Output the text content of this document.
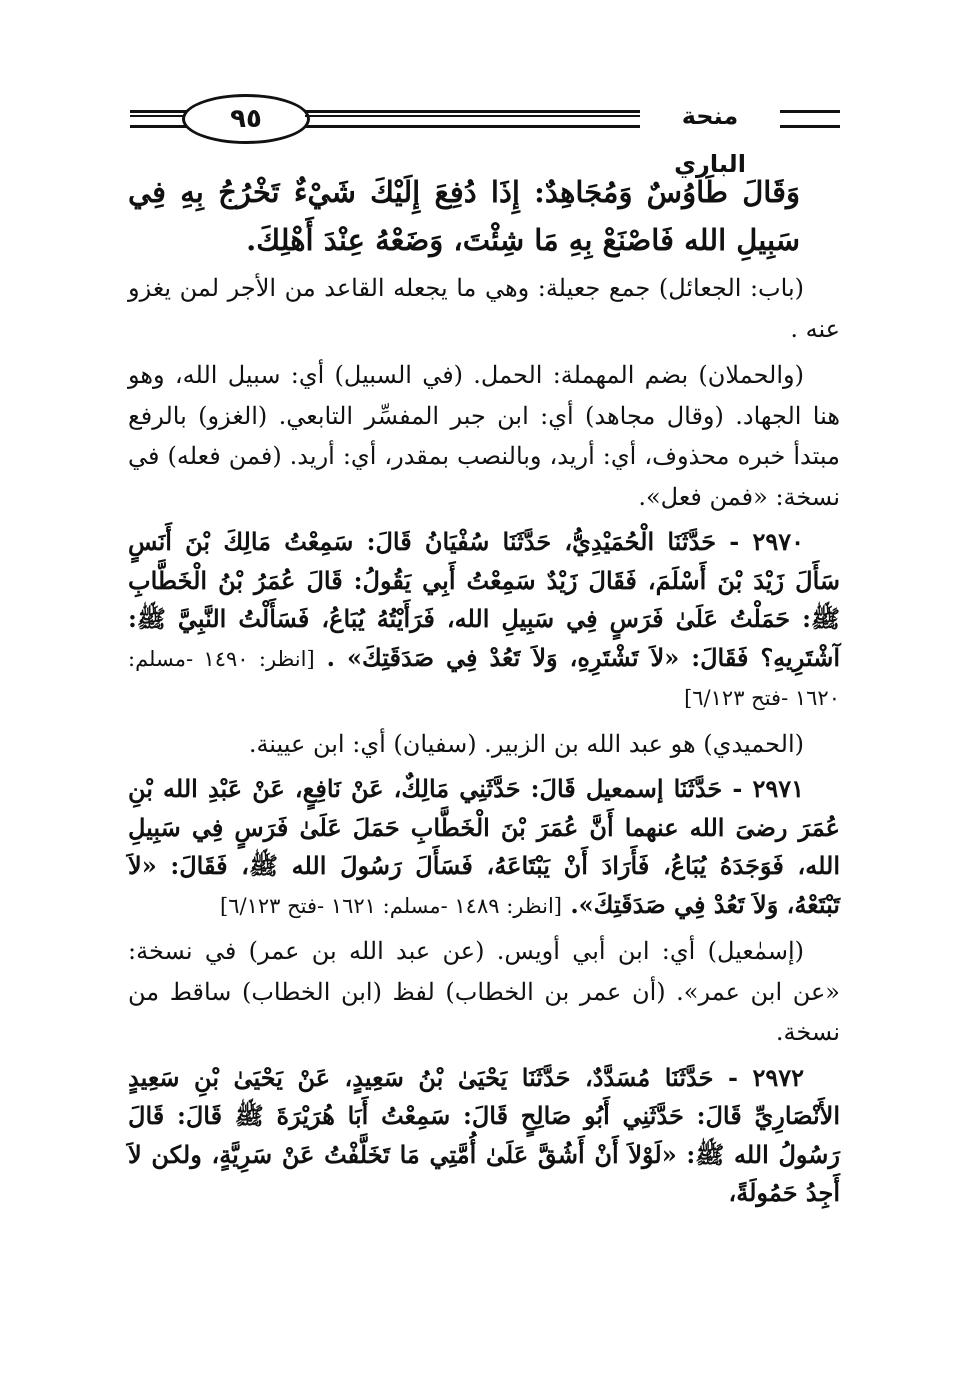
٩٥	منحة الباري

وَقَالَ طَاوُسٌ وَمُجَاهِدٌ: إِذَا دُفِعَ إِلَيْكَ شَيْءٌ تَخْرُجُ بِهِ فِي سَبِيلِ الله فَاصْنَعْ بِهِ مَا شِئْتَ، وَضَعْهُ عِنْدَ أَهْلِكَ.

(باب: الجعائل) جمع جعيلة: وهي ما يجعله القاعد من الأجر لمن يغزو عنه .

(والحملان) بضم المهملة: الحمل. (في السبيل) أي: سبيل الله، وهو هنا الجهاد. (وقال مجاهد) أي: ابن جبر المفسِّر التابعي. (الغزو) بالرفع مبتدأ خبره محذوف، أي: أريد، وبالنصب بمقدر، أي: أريد. (فمن فعله) في نسخة: «فمن فعل».

٢٩٧٠ - حَدَّثَنَا الْحُمَيْدِيُّ، حَدَّثَنَا سُفْيَانُ قَالَ: سَمِعْتُ مَالِكَ بْنَ أَنَسٍ سَأَلَ زَيْدَ بْنَ أَسْلَمَ، فَقَالَ زَيْدٌ سَمِعْتُ أَبِي يَقُولُ: قَالَ عُمَرُ بْنُ الْخَطَّابِ ﷺ: حَمَلْتُ عَلَىٰ فَرَسٍ فِي سَبِيلِ الله، فَرَأَيْتُهُ يُبَاعُ، فَسَأَلْتُ النَّبِيَّ ﷺ: آشْتَرِيهِ؟ فَقَالَ: «لاَ تَشْتَرِهِ، وَلاَ تَعُدْ فِي صَدَقَتِكَ» . [انظر: ١٤٩٠ -مسلم: ١٦٢٠ -فتح ٦/١٢٣]

(الحميدي) هو عبد الله بن الزبير. (سفيان) أي: ابن عيينة.

٢٩٧١ - حَدَّثَنَا إسمعيل قَالَ: حَدَّثَنِي مَالِكٌ، عَنْ نَافِعٍ، عَنْ عَبْدِ الله بْنِ عُمَرَ رضىَ الله عنهما أَنَّ عُمَرَ بْنَ الْخَطَّابِ حَمَلَ عَلَىٰ فَرَسٍ فِي سَبِيلِ الله، فَوَجَدَهُ يُبَاعُ، فَأَرَادَ أَنْ يَبْتَاعَهُ، فَسَأَلَ رَسُولَ الله ﷺ، فَقَالَ: «لاَ تَبْتَعْهُ، وَلاَ تَعُدْ فِي صَدَقَتِكَ». [انظر: ١٤٨٩ -مسلم: ١٦٢١ -فتح ٦/١٢٣]

(إسمٰعيل) أي: ابن أبي أويس. (عن عبد الله بن عمر) في نسخة: «عن ابن عمر». (أن عمر بن الخطاب) لفظ (ابن الخطاب) ساقط من نسخة.

٢٩٧٢ - حَدَّثَنَا مُسَدَّدٌ، حَدَّثَنَا يَحْيَىٰ بْنُ سَعِيدٍ، عَنْ يَحْيَىٰ بْنِ سَعِيدٍ الأَنْصَارِيِّ قَالَ: حَدَّثَنِي أَبُو صَالِحٍ قَالَ: سَمِعْتُ أَبَا هُرَيْرَةَ ﷺ قَالَ: قَالَ رَسُولُ الله ﷺ: «لَوْلاَ أَنْ أَشُقَّ عَلَىٰ أُمَّتِي مَا تَخَلَّفْتُ عَنْ سَرِيَّةٍ، ولكن لاَ أَجِدُ حَمُولَةً،
